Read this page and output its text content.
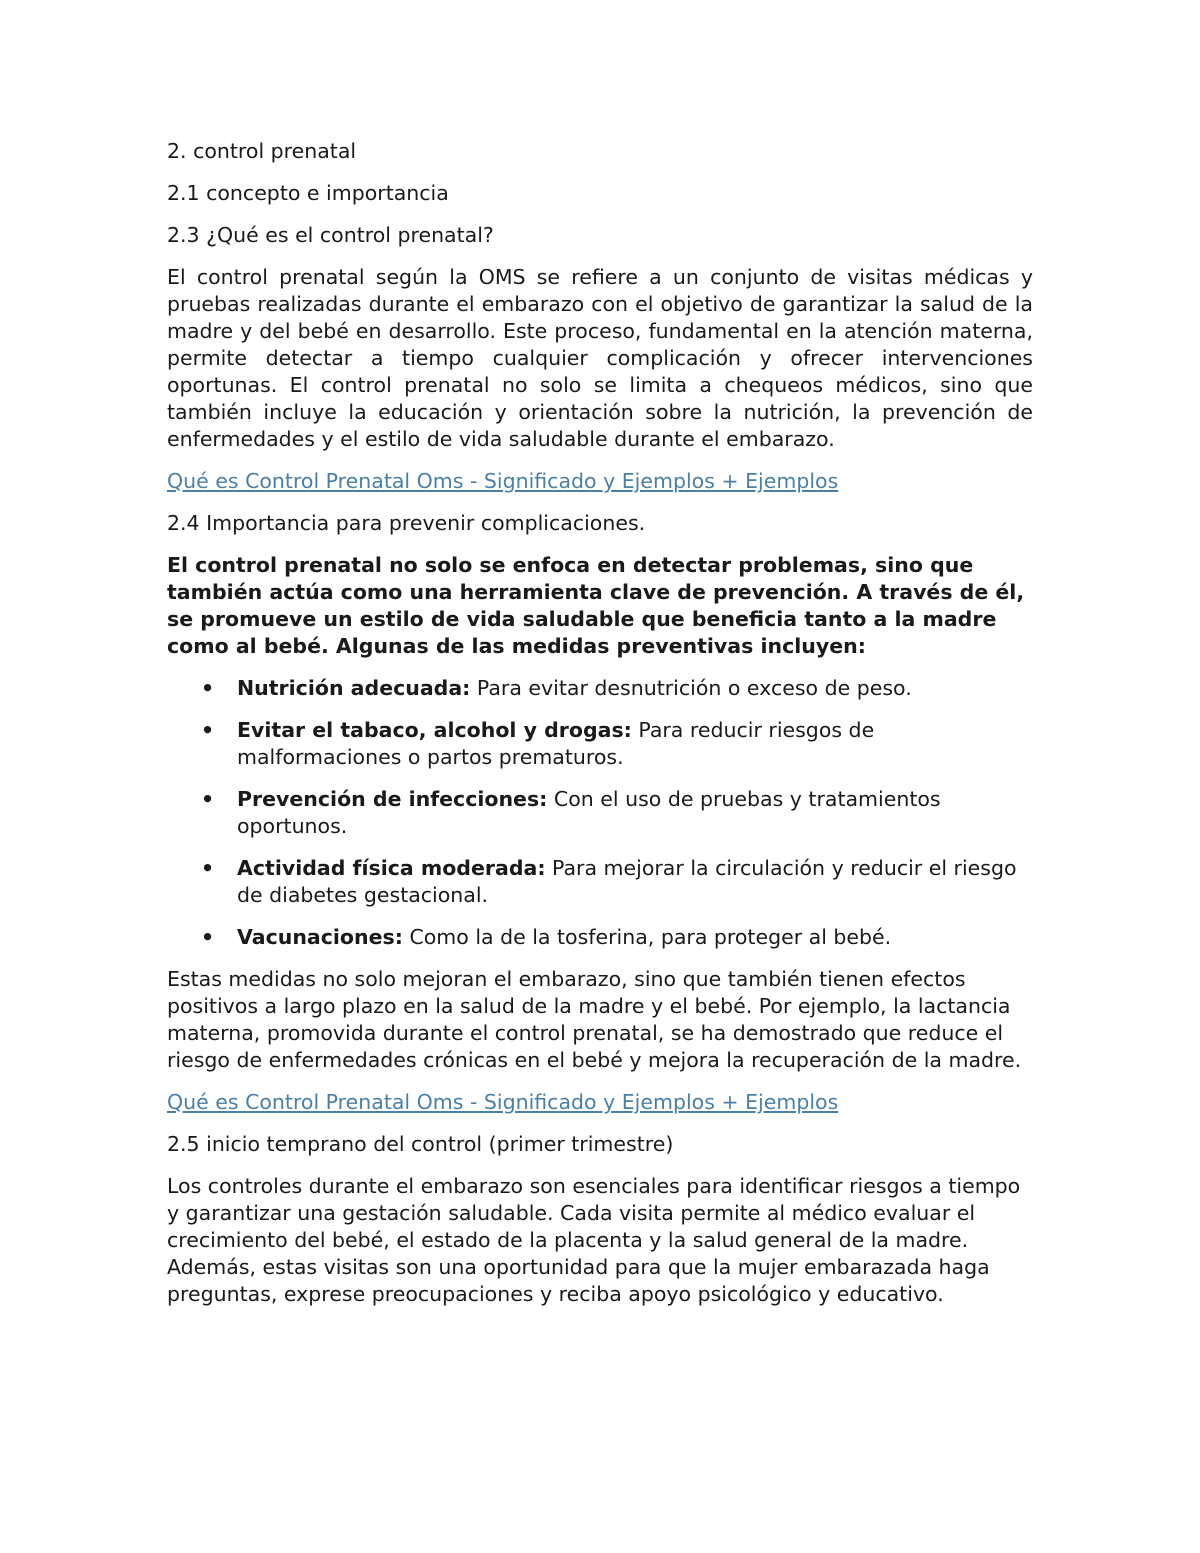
2. control prenatal

2.1 concepto e importancia

2.3 ¿Qué es el control prenatal?

El control prenatal según la OMS se refiere a un conjunto de visitas médicas y pruebas realizadas durante el embarazo con el objetivo de garantizar la salud de la madre y del bebé en desarrollo. Este proceso, fundamental en la atención materna, permite detectar a tiempo cualquier complicación y ofrecer intervenciones oportunas. El control prenatal no solo se limita a chequeos médicos, sino que también incluye la educación y orientación sobre la nutrición, la prevención de enfermedades y el estilo de vida saludable durante el embarazo.

Qué es Control Prenatal Oms - Significado y Ejemplos + Ejemplos

2.4 Importancia para prevenir complicaciones.

El control prenatal no solo se enfoca en detectar problemas, sino que también actúa como una herramienta clave de prevención. A través de él, se promueve un estilo de vida saludable que beneficia tanto a la madre como al bebé. Algunas de las medidas preventivas incluyen:

• Nutrición adecuada: Para evitar desnutrición o exceso de peso.
• Evitar el tabaco, alcohol y drogas: Para reducir riesgos de malformaciones o partos prematuros.
• Prevención de infecciones: Con el uso de pruebas y tratamientos oportunos.
• Actividad física moderada: Para mejorar la circulación y reducir el riesgo de diabetes gestacional.
• Vacunaciones: Como la de la tosferina, para proteger al bebé.

Estas medidas no solo mejoran el embarazo, sino que también tienen efectos positivos a largo plazo en la salud de la madre y el bebé. Por ejemplo, la lactancia materna, promovida durante el control prenatal, se ha demostrado que reduce el riesgo de enfermedades crónicas en el bebé y mejora la recuperación de la madre.

Qué es Control Prenatal Oms - Significado y Ejemplos + Ejemplos

2.5 inicio temprano del control (primer trimestre)

Los controles durante el embarazo son esenciales para identificar riesgos a tiempo y garantizar una gestación saludable. Cada visita permite al médico evaluar el crecimiento del bebé, el estado de la placenta y la salud general de la madre. Además, estas visitas son una oportunidad para que la mujer embarazada haga preguntas, exprese preocupaciones y reciba apoyo psicológico y educativo.
